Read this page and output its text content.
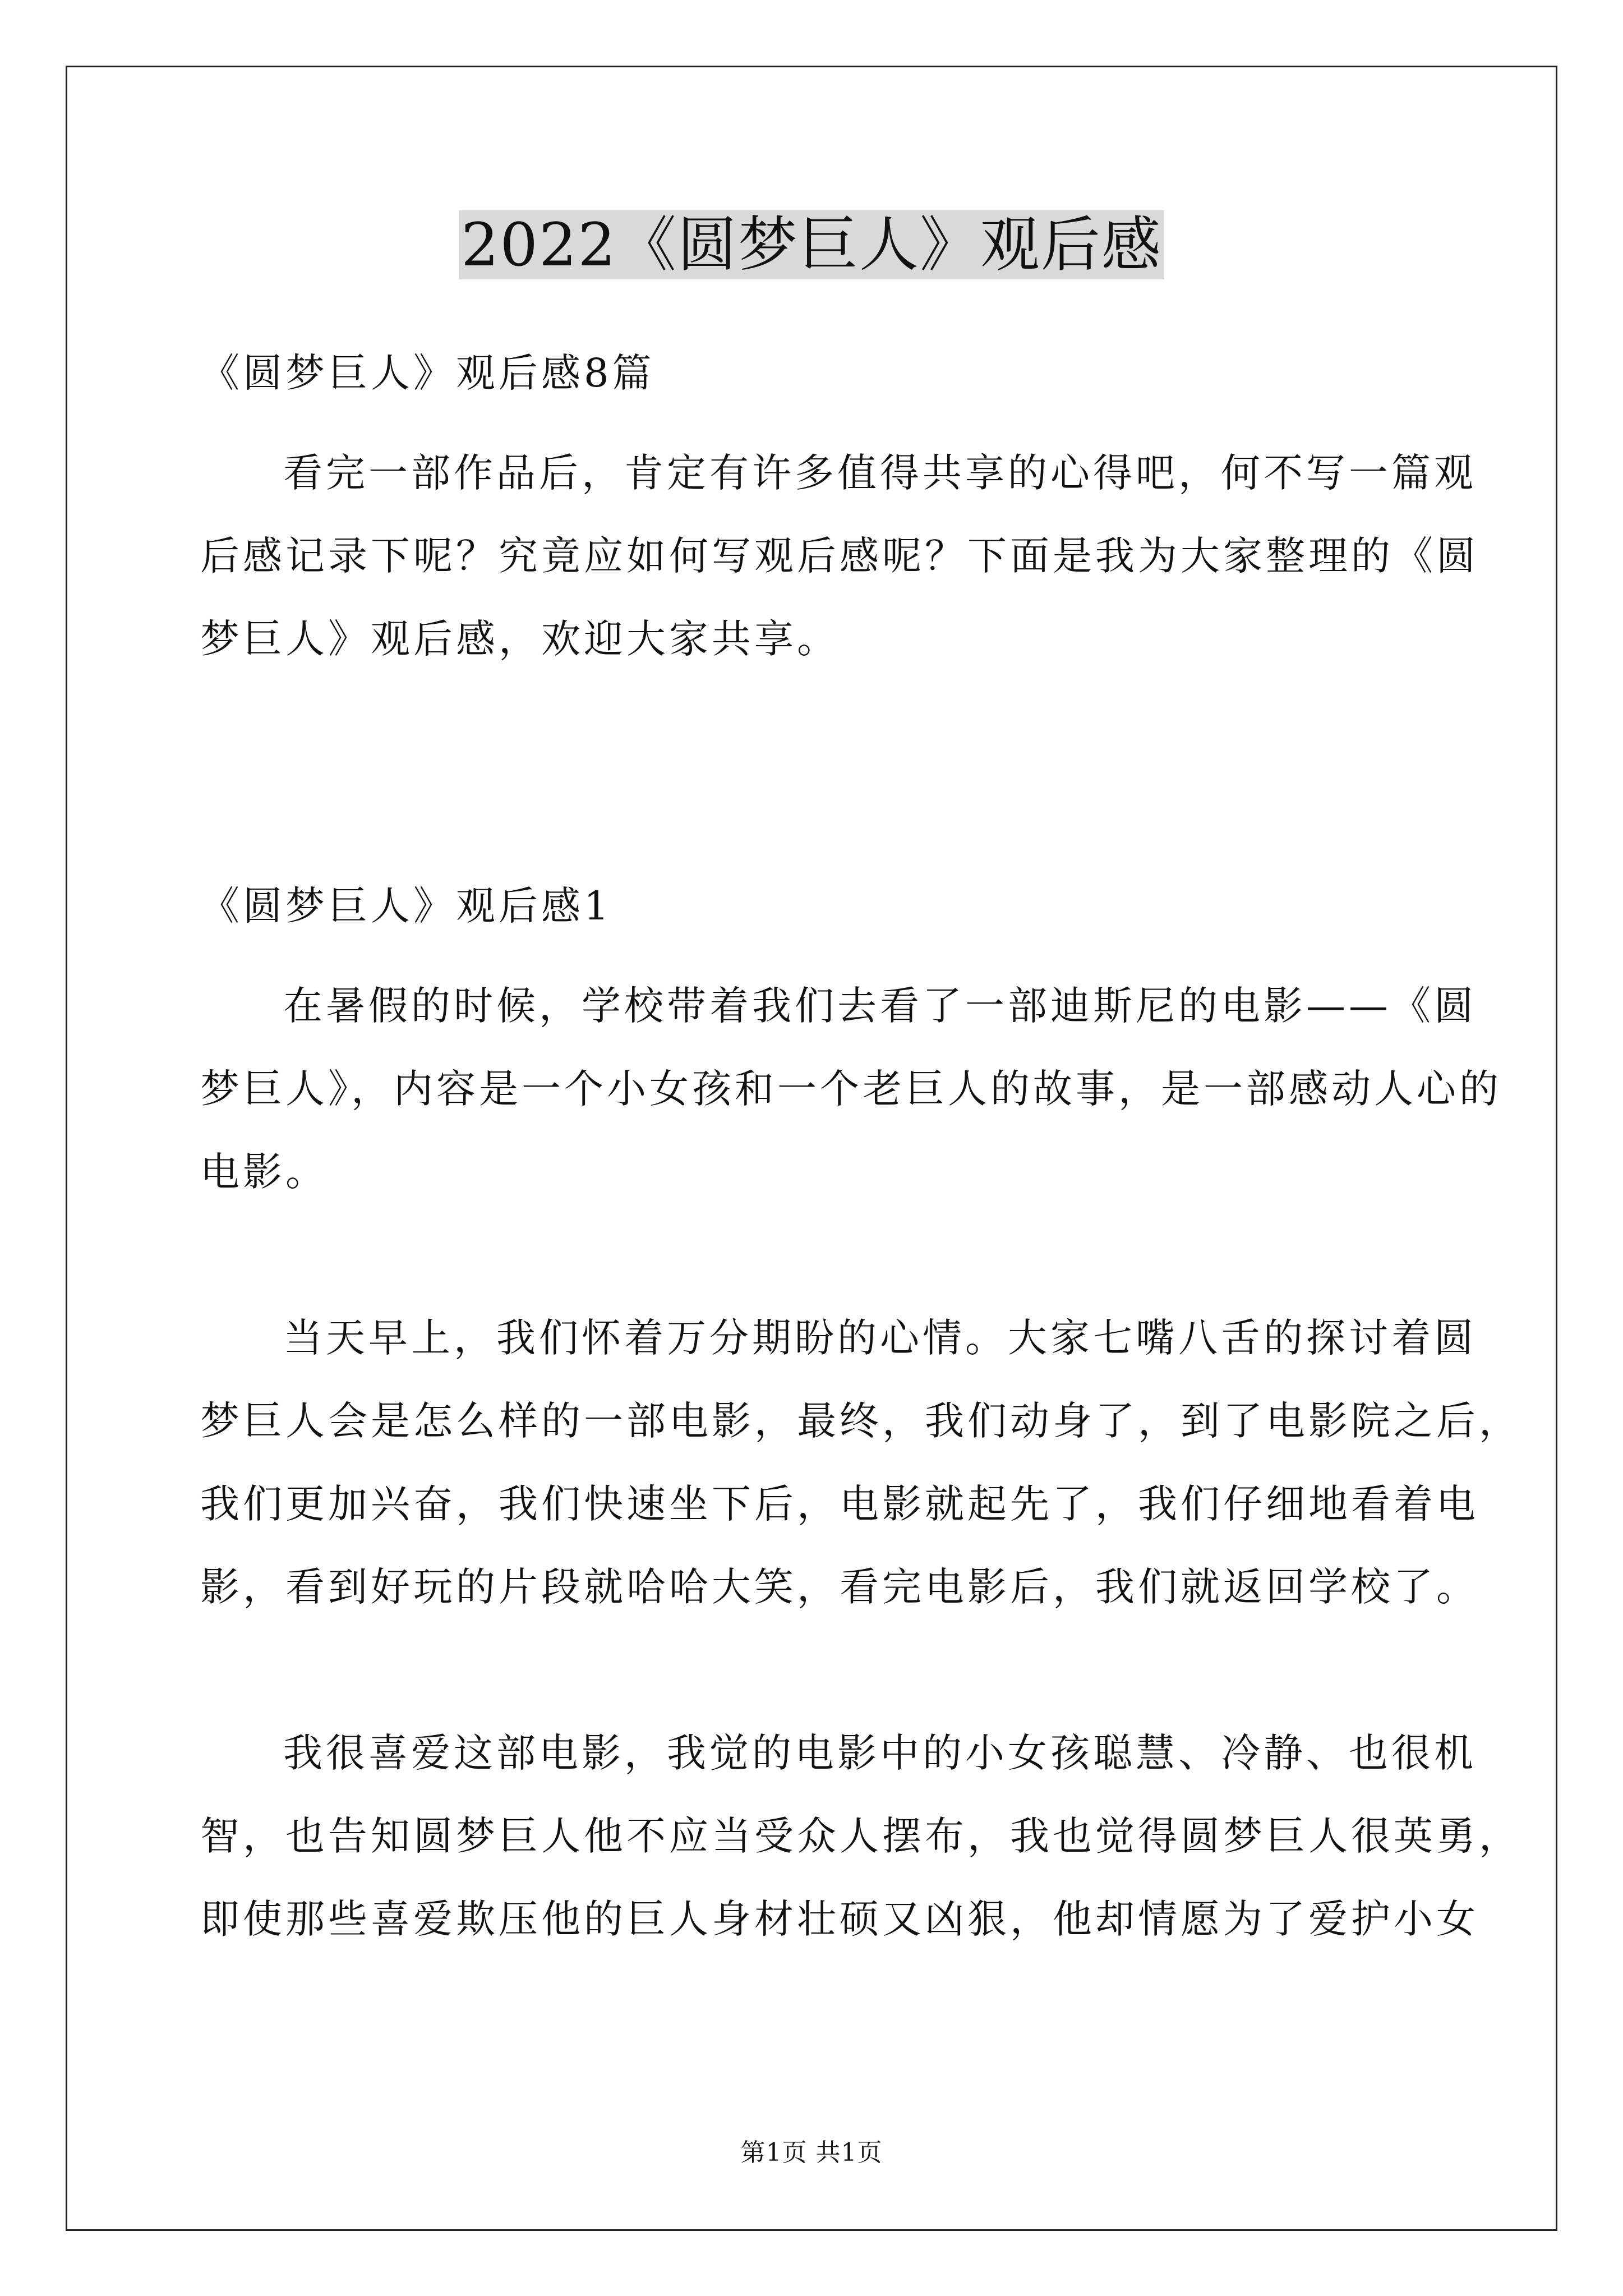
2022《圆梦巨人》观后感
《圆梦巨人》观后感8篇
看完一部作品后，肯定有许多值得共享的心得吧，何不写一篇观
后感记录下呢？究竟应如何写观后感呢？下面是我为大家整理的《圆
梦巨人》观后感，欢迎大家共享。
《圆梦巨人》观后感1
在暑假的时候，学校带着我们去看了一部迪斯尼的电影——《圆
梦巨人》，内容是一个小女孩和一个老巨人的故事，是一部感动人心的
电影。
当天早上，我们怀着万分期盼的心情。大家七嘴八舌的探讨着圆
梦巨人会是怎么样的一部电影，最终，我们动身了，到了电影院之后，
我们更加兴奋，我们快速坐下后，电影就起先了，我们仔细地看着电
影，看到好玩的片段就哈哈大笑，看完电影后，我们就返回学校了。
我很喜爱这部电影，我觉的电影中的小女孩聪慧、冷静、也很机
智，也告知圆梦巨人他不应当受众人摆布，我也觉得圆梦巨人很英勇，
即使那些喜爱欺压他的巨人身材壮硕又凶狠，他却情愿为了爱护小女
第1页 共1页
